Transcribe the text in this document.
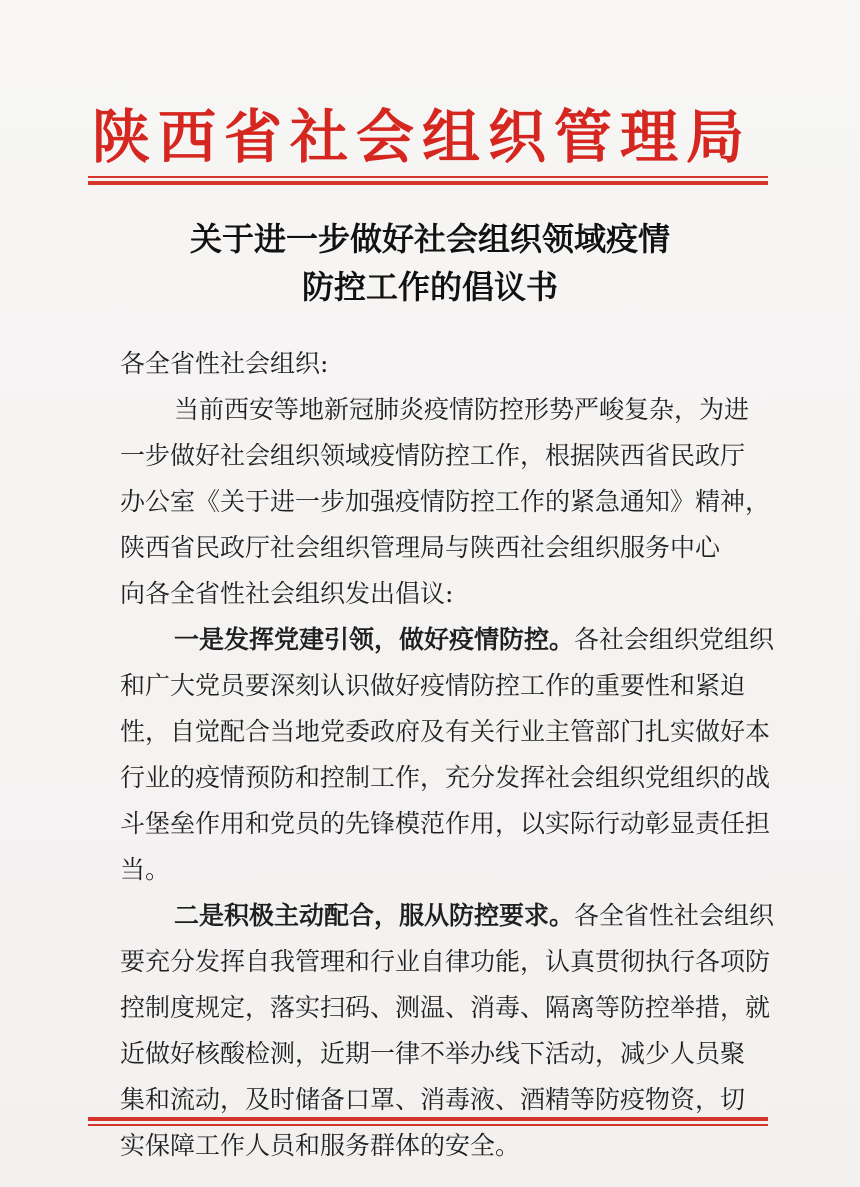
陕西省社会组织管理局
关于进一步做好社会组织领域疫情
防控工作的倡议书
各全省性社会组织:
当前西安等地新冠肺炎疫情防控形势严峻复杂，为进
一步做好社会组织领域疫情防控工作，根据陕西省民政厅
办公室《关于进一步加强疫情防控工作的紧急通知》精神，
陕西省民政厅社会组织管理局与陕西社会组织服务中心
向各全省性社会组织发出倡议:
一是发挥党建引领，做好疫情防控。各社会组织党组织
和广大党员要深刻认识做好疫情防控工作的重要性和紧迫
性，自觉配合当地党委政府及有关行业主管部门扎实做好本
行业的疫情预防和控制工作，充分发挥社会组织党组织的战
斗堡垒作用和党员的先锋模范作用，以实际行动彰显责任担
当。
二是积极主动配合，服从防控要求。各全省性社会组织
要充分发挥自我管理和行业自律功能，认真贯彻执行各项防
控制度规定，落实扫码、测温、消毒、隔离等防控举措，就
近做好核酸检测，近期一律不举办线下活动，减少人员聚
集和流动，及时储备口罩、消毒液、酒精等防疫物资，切
实保障工作人员和服务群体的安全。
